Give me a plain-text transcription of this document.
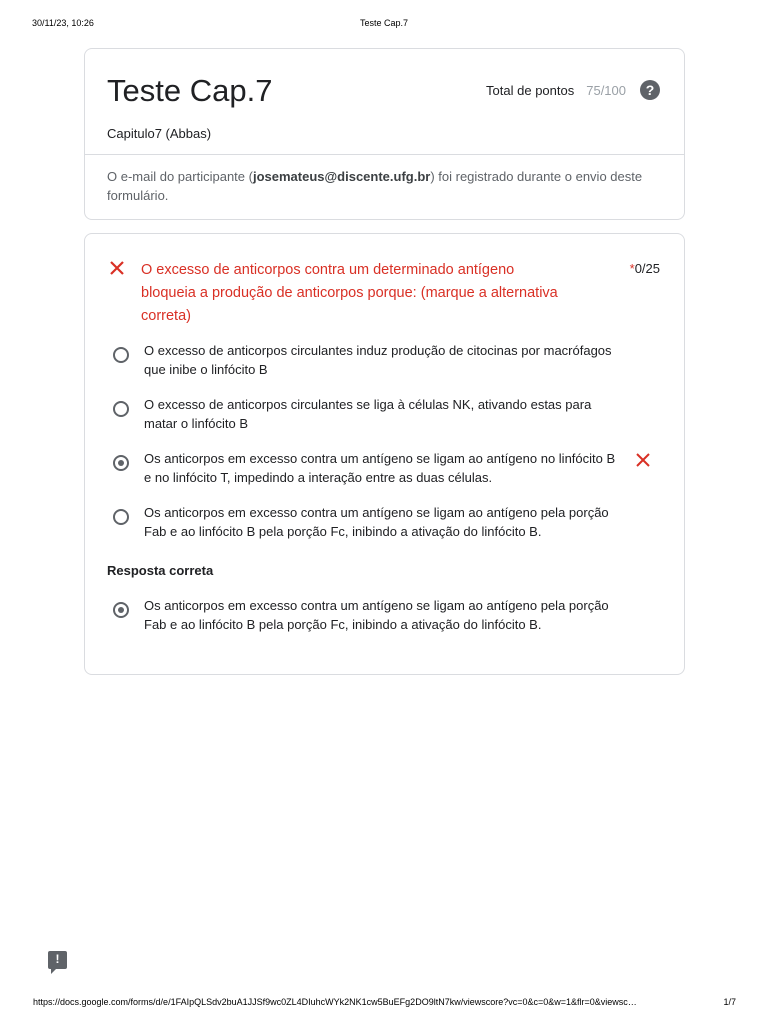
30/11/23, 10:26	Teste Cap.7
Teste Cap.7	Total de pontos 75/100	?
Capitulo7 (Abbas)
O e-mail do participante (josemateus@discente.ufg.br) foi registrado durante o envio deste formulário.
O excesso de anticorpos contra um determinado antígeno bloqueia a produção de anticorpos porque: (marque a alternativa correta)
*0/25
O excesso de anticorpos circulantes induz produção de citocinas por macrófagos que inibe o linfócito B
O excesso de anticorpos circulantes se liga à células NK, ativando estas para matar o linfócito B
Os anticorpos em excesso contra um antígeno se ligam ao antígeno no linfócito B e no linfócito T, impedindo a interação entre as duas células.
Os anticorpos em excesso contra um antígeno se ligam ao antígeno pela porção Fab e ao linfócito B pela porção Fc, inibindo a ativação do linfócito B.
Resposta correta
Os anticorpos em excesso contra um antígeno se ligam ao antígeno pela porção Fab e ao linfócito B pela porção Fc, inibindo a ativação do linfócito B.
!
https://docs.google.com/forms/d/e/1FAIpQLSdv2buA1JJSf9wc0ZL4DIuhcWYk2NK1cw5BuEFg2DO9ltN7kw/viewscore?vc=0&c=0&w=1&flr=0&viewsc…	1/7
